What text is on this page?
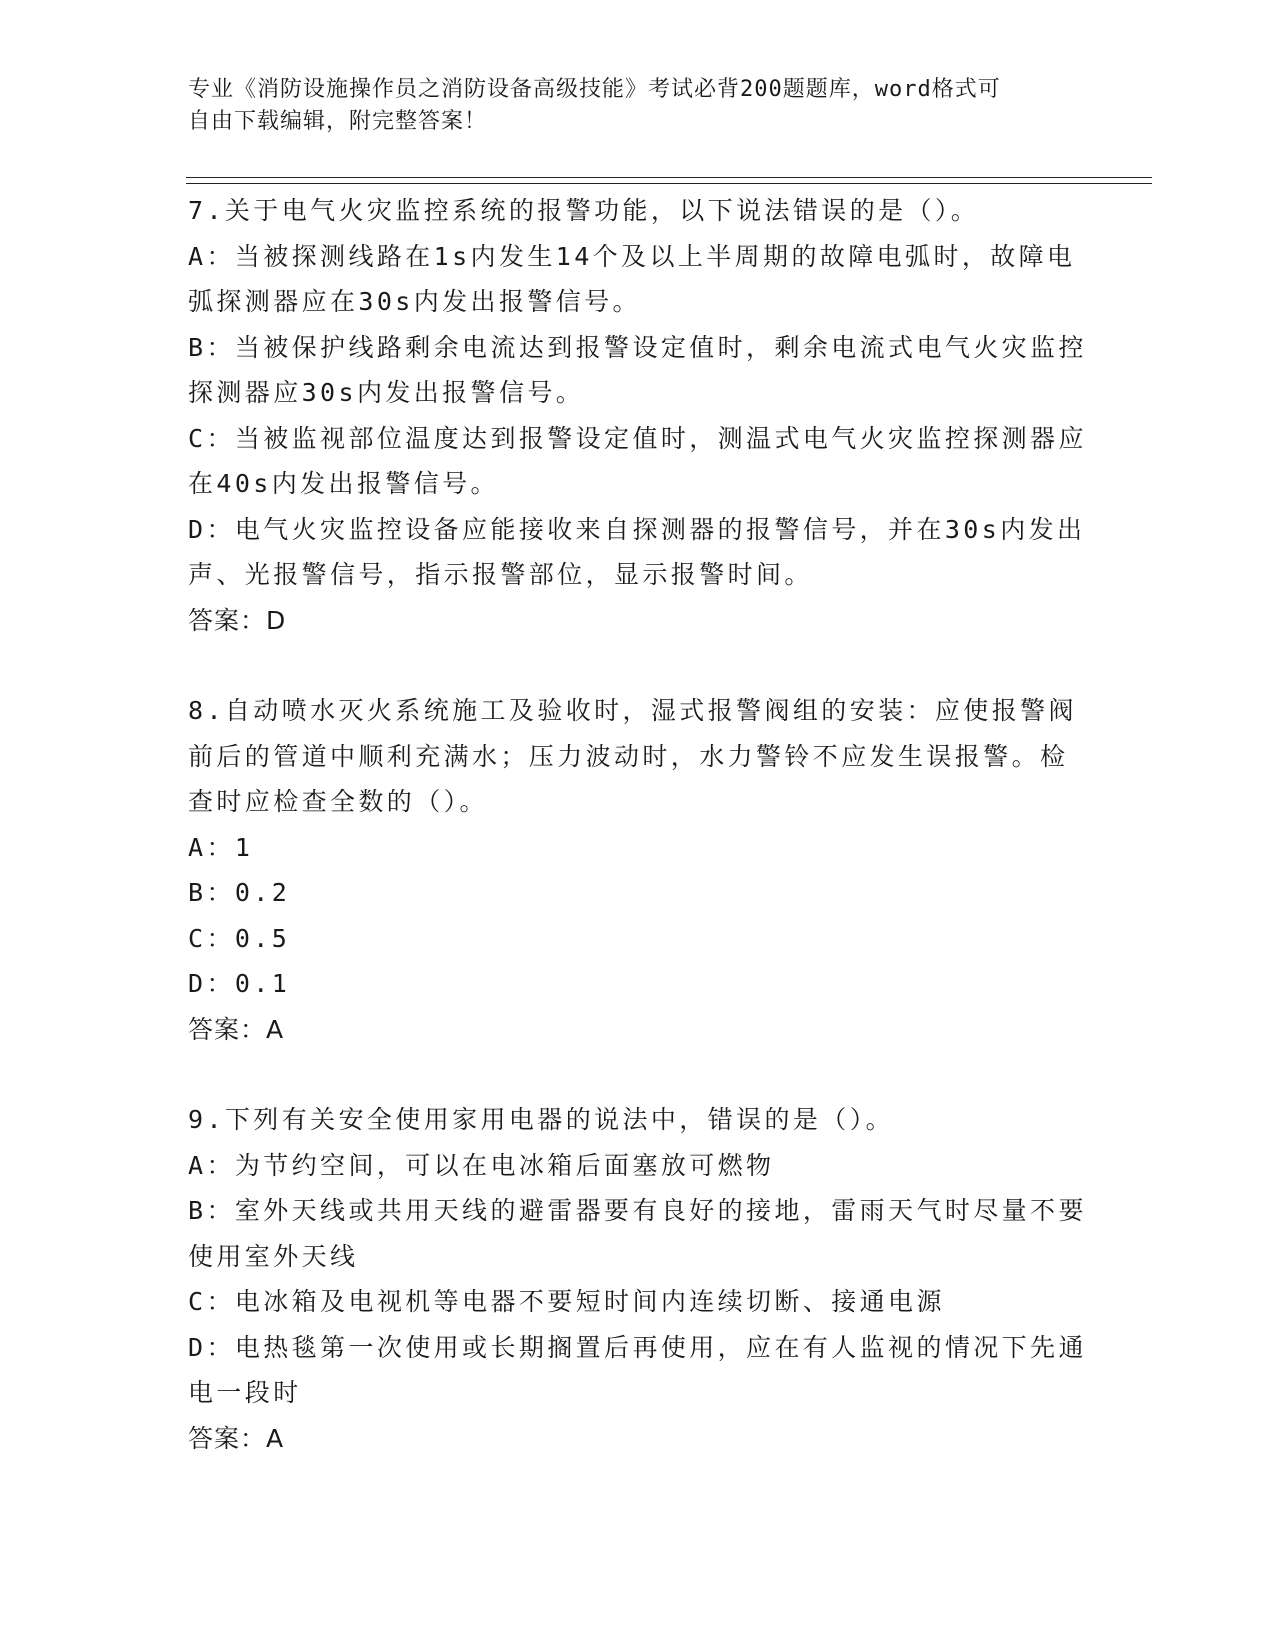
专业《消防设施操作员之消防设备高级技能》考试必背200题题库，word格式可
自由下载编辑，附完整答案！

7.关于电气火灾监控系统的报警功能，以下说法错误的是（）。

A：当被探测线路在1s内发生14个及以上半周期的故障电弧时，故障电弧探测器应在30s内发出报警信号。

B：当被保护线路剩余电流达到报警设定值时，剩余电流式电气火灾监控探测器应30s内发出报警信号。

C：当被监视部位温度达到报警设定值时，测温式电气火灾监控探测器应在40s内发出报警信号。

D：电气火灾监控设备应能接收来自探测器的报警信号，并在30s内发出声、光报警信号，指示报警部位，显示报警时间。

答案：D

8.自动喷水灭火系统施工及验收时，湿式报警阀组的安装：应使报警阀前后的管道中顺利充满水；压力波动时，水力警铃不应发生误报警。检查时应检查全数的（）。

A：1

B：0.2

C：0.5

D：0.1

答案：A

9.下列有关安全使用家用电器的说法中，错误的是（）。

A：为节约空间，可以在电冰箱后面塞放可燃物

B：室外天线或共用天线的避雷器要有良好的接地，雷雨天气时尽量不要使用室外天线

C：电冰箱及电视机等电器不要短时间内连续切断、接通电源

D：电热毯第一次使用或长期搁置后再使用，应在有人监视的情况下先通电一段时

答案：A
